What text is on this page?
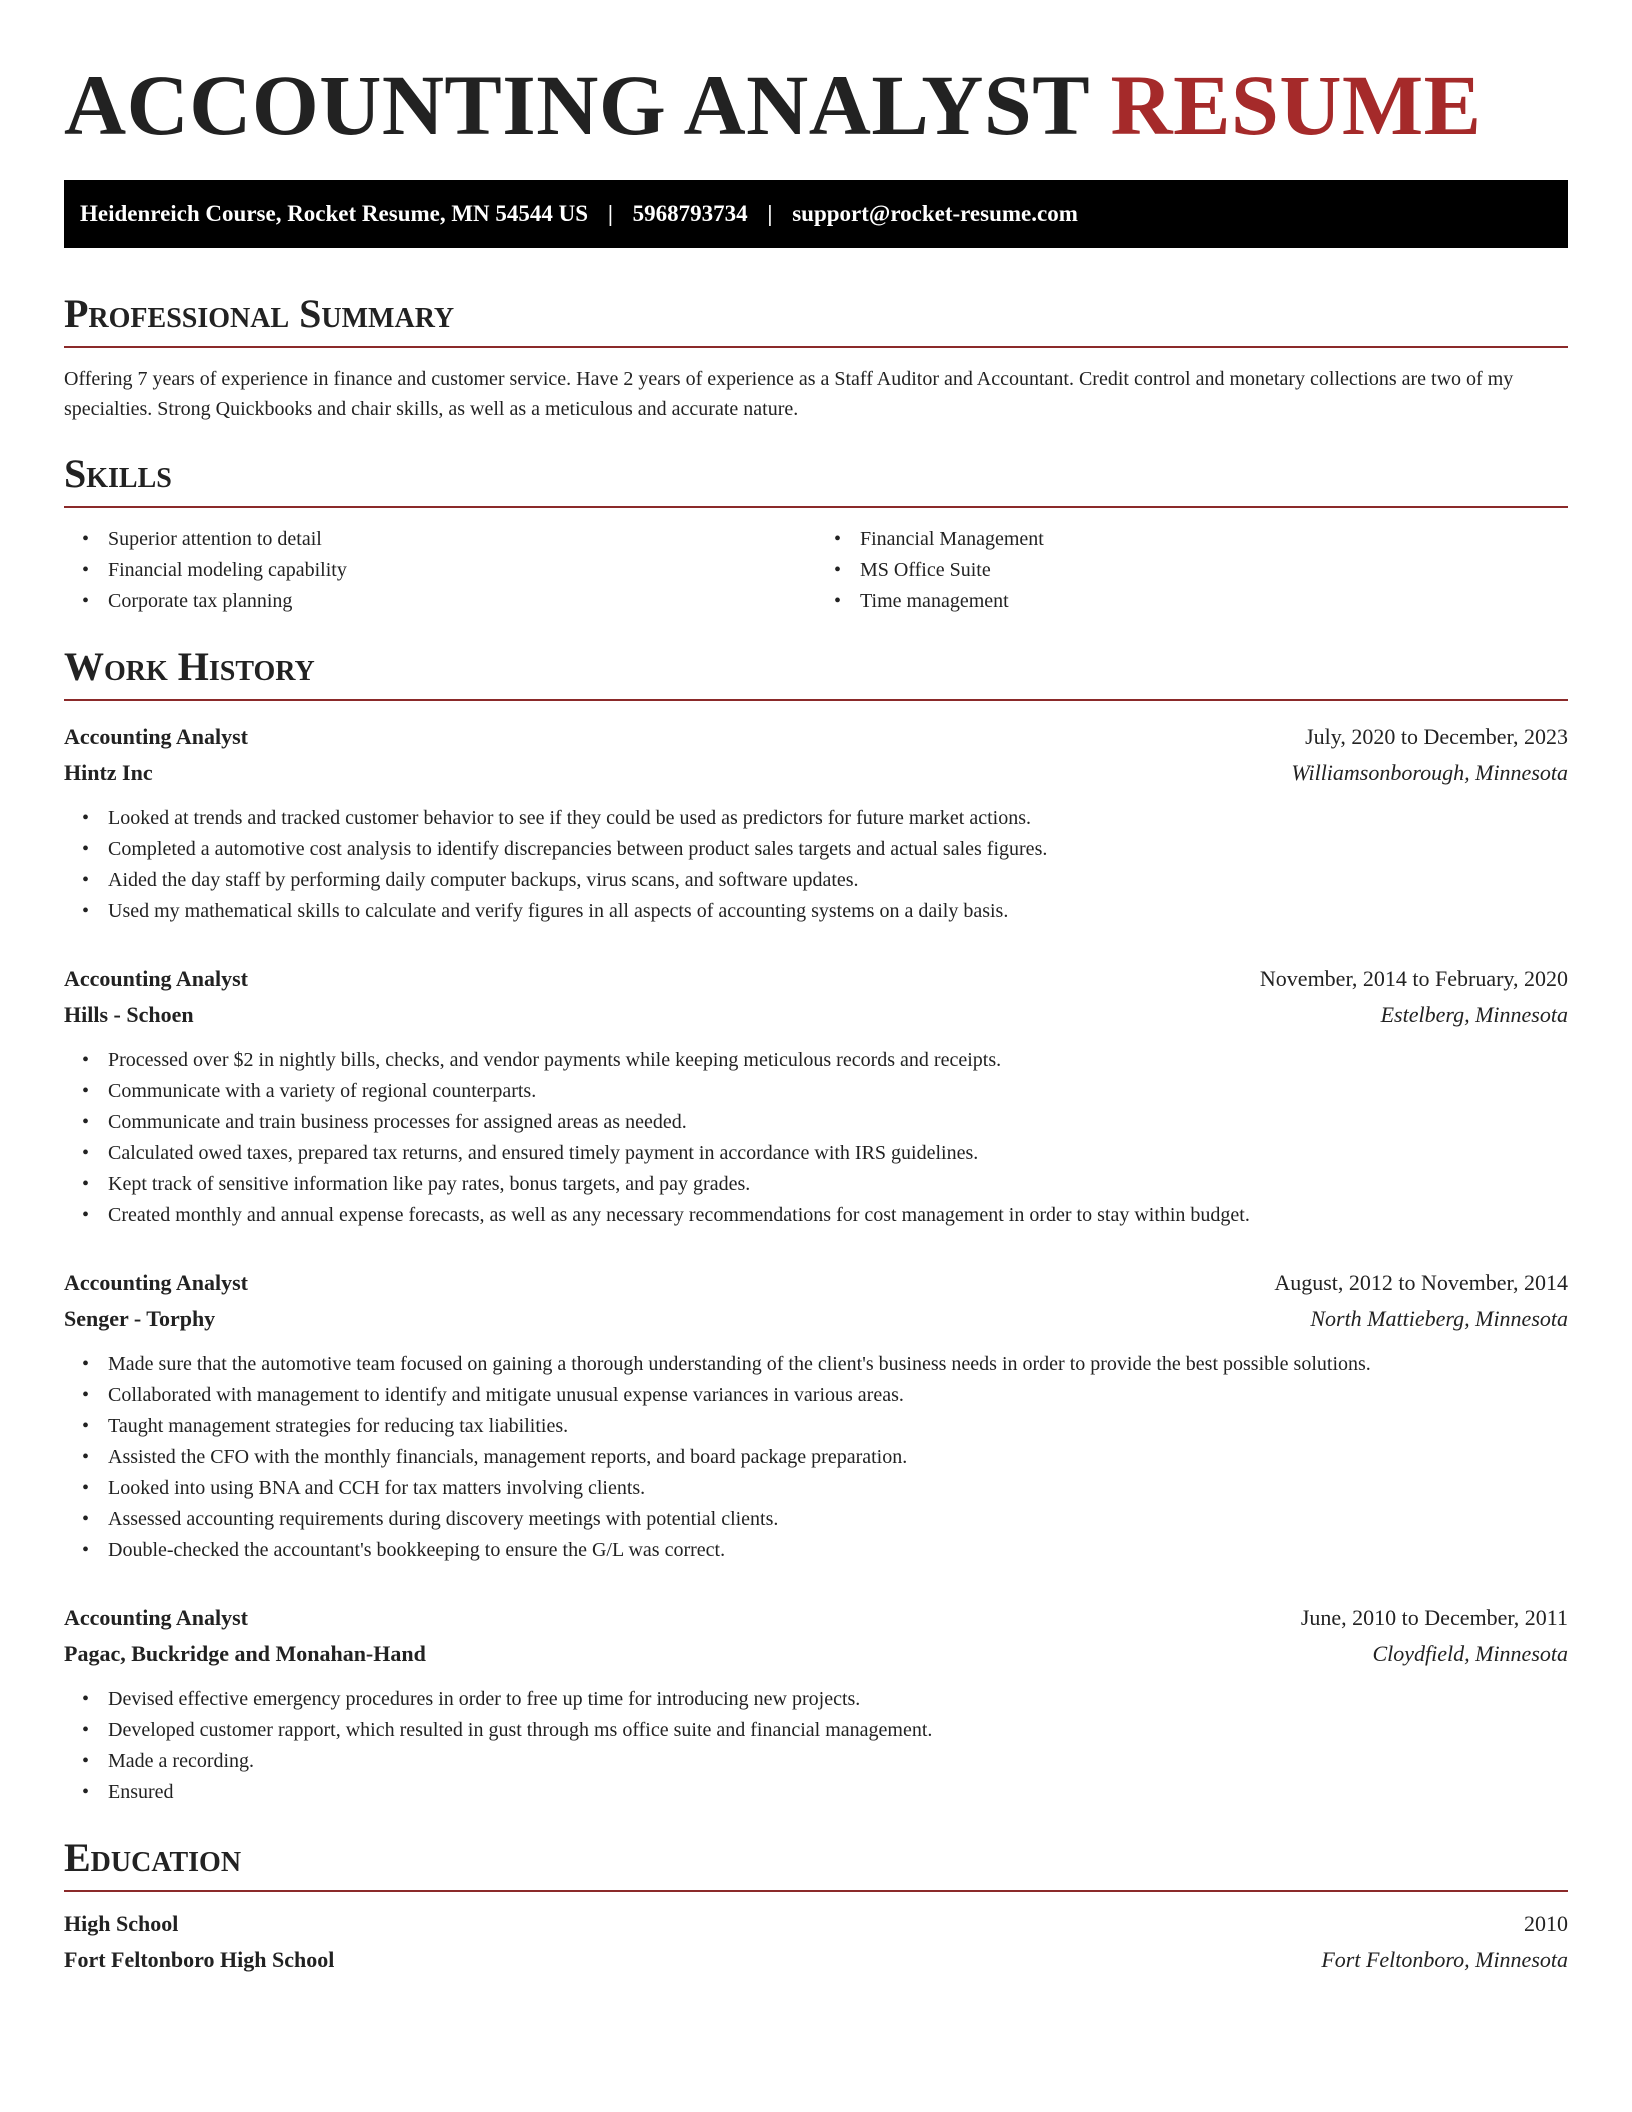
ACCOUNTING ANALYST RESUME
Heidenreich Course, Rocket Resume, MN 54544 US | 5968793734 | support@rocket-resume.com
Professional Summary

Offering 7 years of experience in finance and customer service. Have 2 years of experience as a Staff Auditor and Accountant. Credit control and monetary collections are two of my specialties. Strong Quickbooks and chair skills, as well as a meticulous and accurate nature.

Skills
• Superior attention to detail
• Financial modeling capability
• Corporate tax planning
• Financial Management
• MS Office Suite
• Time management
Work History
Accounting Analyst	July, 2020 to December, 2023
Hintz Inc	Williamsonborough, Minnesota
• Looked at trends and tracked customer behavior to see if they could be used as predictors for future market actions.
• Completed a automotive cost analysis to identify discrepancies between product sales targets and actual sales figures.
• Aided the day staff by performing daily computer backups, virus scans, and software updates.
• Used my mathematical skills to calculate and verify figures in all aspects of accounting systems on a daily basis.
Accounting Analyst	November, 2014 to February, 2020
Hills - Schoen	Estelberg, Minnesota
• Processed over $2 in nightly bills, checks, and vendor payments while keeping meticulous records and receipts.
• Communicate with a variety of regional counterparts.
• Communicate and train business processes for assigned areas as needed.
• Calculated owed taxes, prepared tax returns, and ensured timely payment in accordance with IRS guidelines.
• Kept track of sensitive information like pay rates, bonus targets, and pay grades.
• Created monthly and annual expense forecasts, as well as any necessary recommendations for cost management in order to stay within budget.
Accounting Analyst	August, 2012 to November, 2014
Senger - Torphy	North Mattieberg, Minnesota
• Made sure that the automotive team focused on gaining a thorough understanding of the client's business needs in order to provide the best possible solutions.
• Collaborated with management to identify and mitigate unusual expense variances in various areas.
• Taught management strategies for reducing tax liabilities.
• Assisted the CFO with the monthly financials, management reports, and board package preparation.
• Looked into using BNA and CCH for tax matters involving clients.
• Assessed accounting requirements during discovery meetings with potential clients.
• Double-checked the accountant's bookkeeping to ensure the G/L was correct.
Accounting Analyst	June, 2010 to December, 2011
Pagac, Buckridge and Monahan-Hand	Cloydfield, Minnesota
• Devised effective emergency procedures in order to free up time for introducing new projects.
• Developed customer rapport, which resulted in gust through ms office suite and financial management.
• Made a recording.
• Ensured
Education
High School	2010
Fort Feltonboro High School	Fort Feltonboro, Minnesota
